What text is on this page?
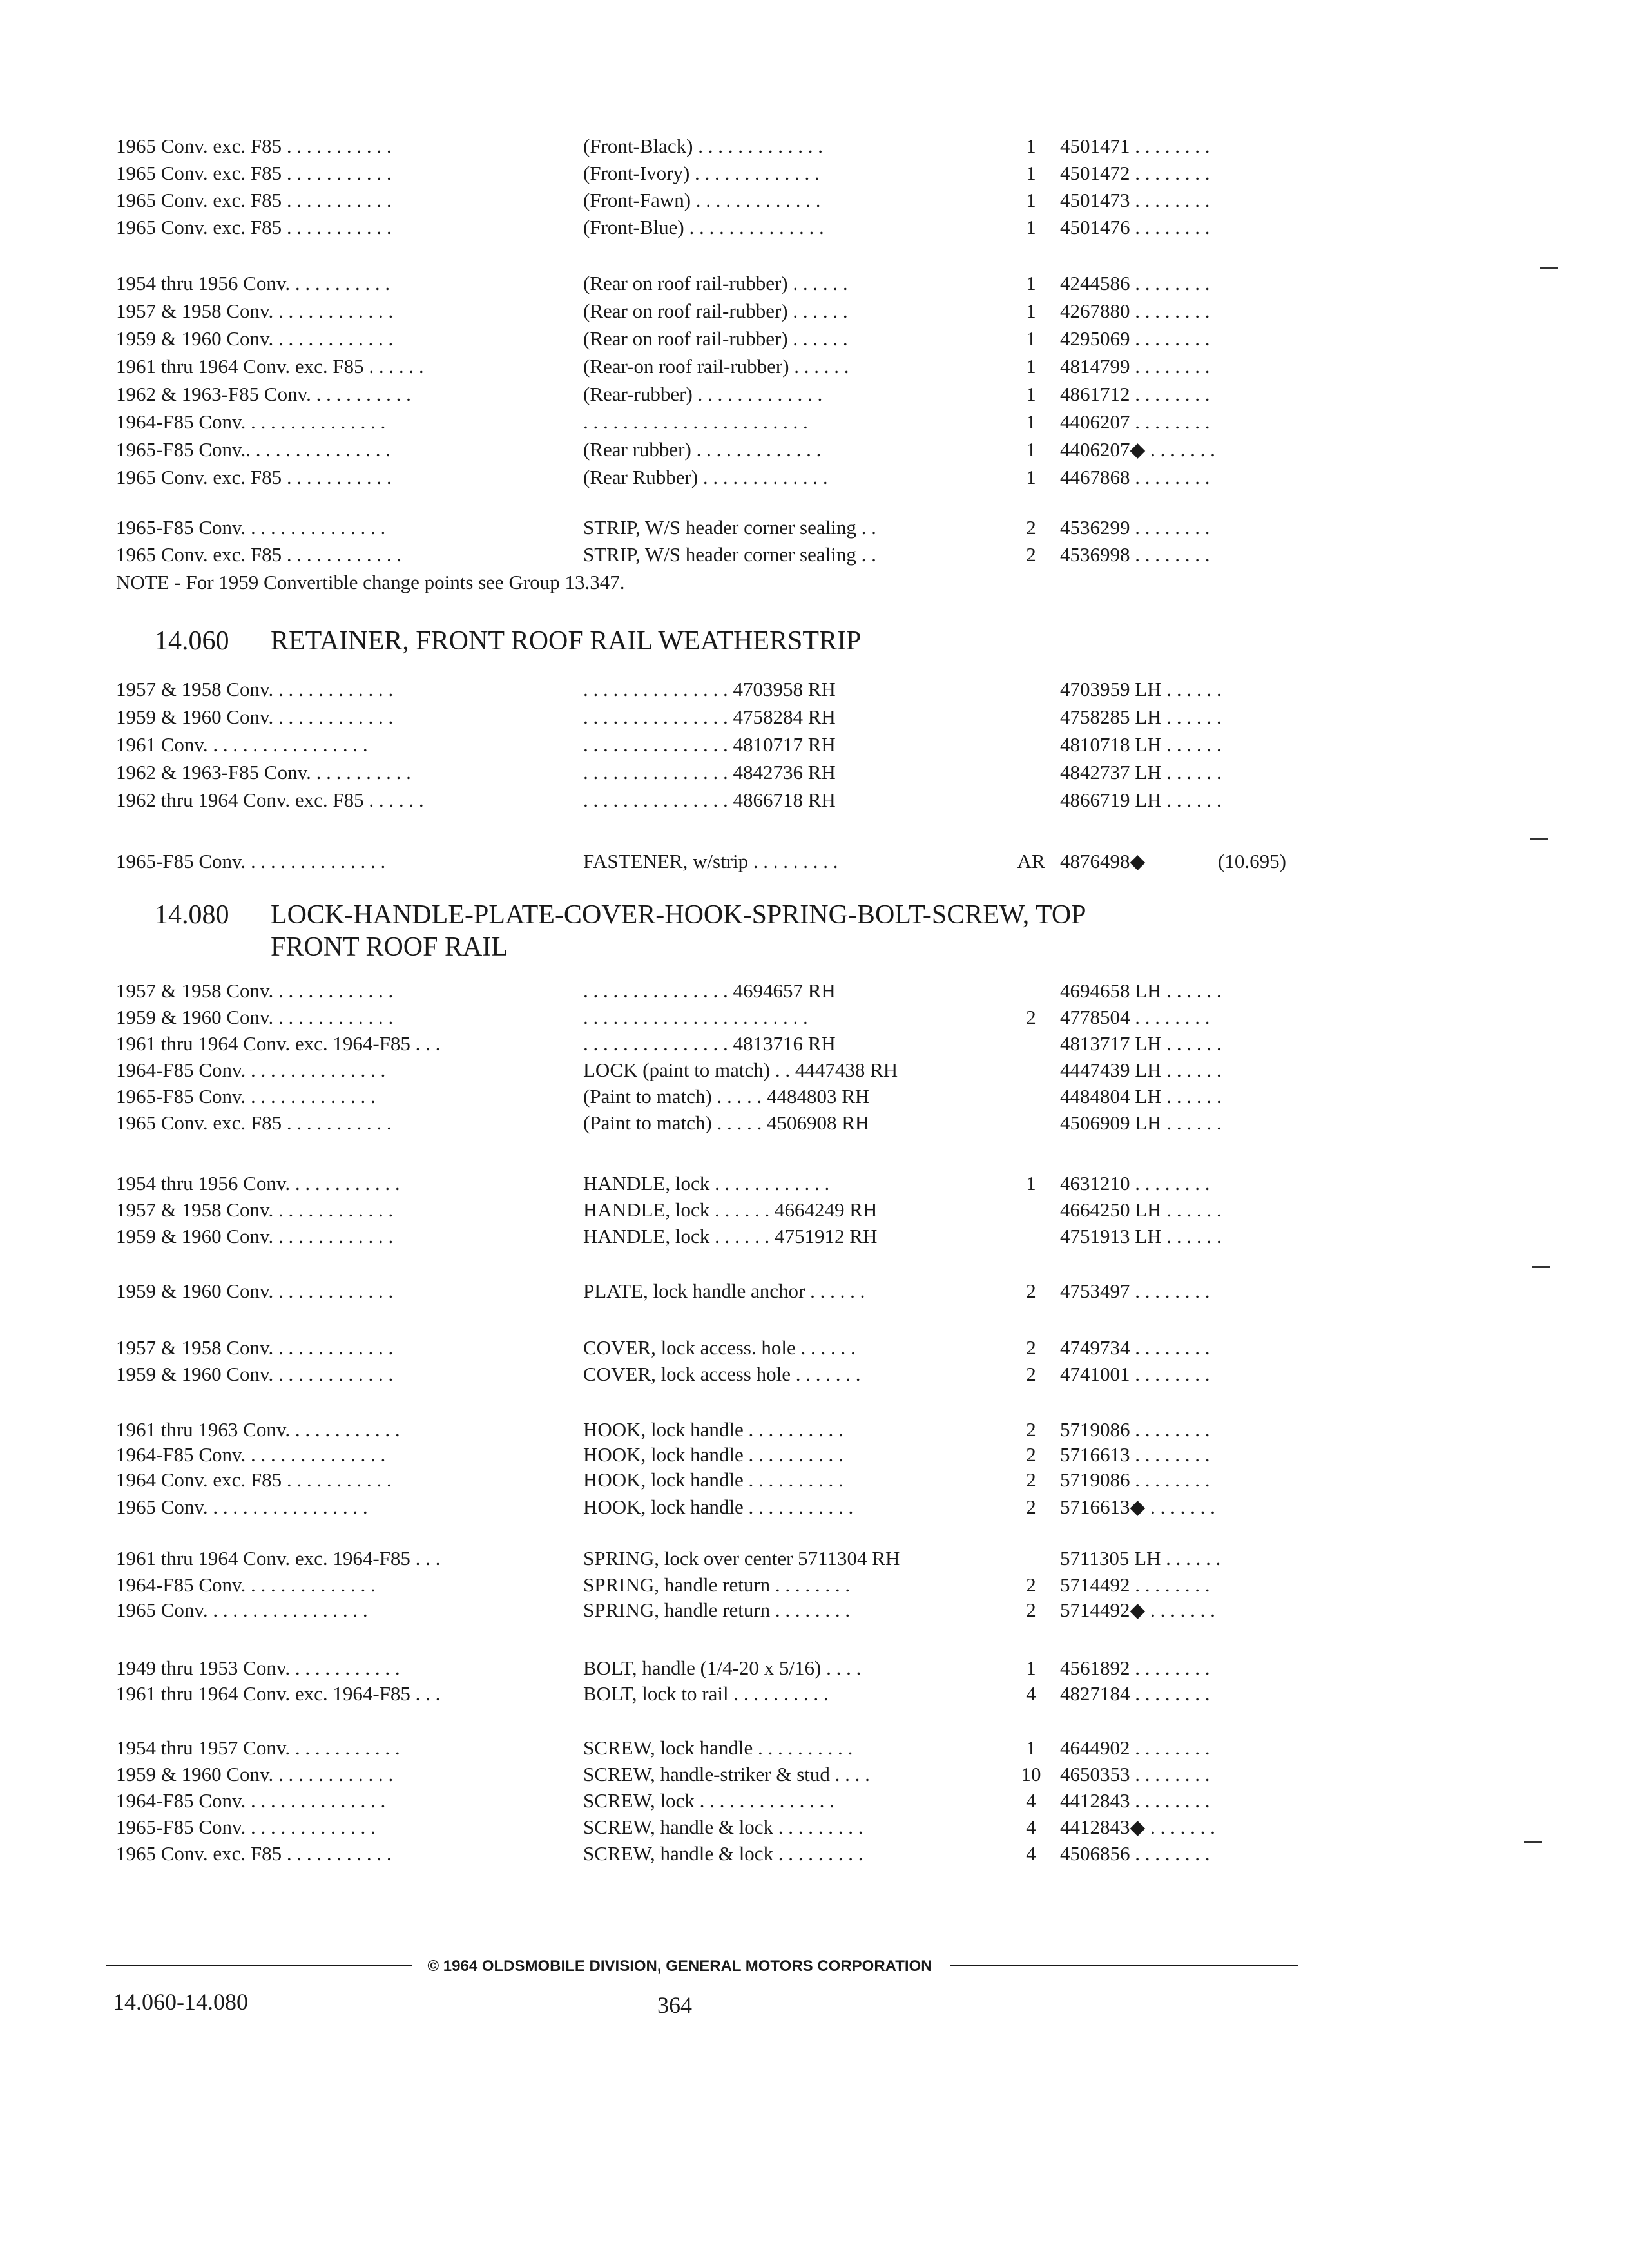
1965 Conv. exc. F85 . . . . . . . . . . .	(Front-Black) . . . . . . . . . . . . .	1	4501471 . . . . . . . .
1965 Conv. exc. F85 . . . . . . . . . . .	(Front-Ivory) . . . . . . . . . . . . .	1	4501472 . . . . . . . .
1965 Conv. exc. F85 . . . . . . . . . . .	(Front-Fawn) . . . . . . . . . . . . .	1	4501473 . . . . . . . .
1965 Conv. exc. F85 . . . . . . . . . . .	(Front-Blue) . . . . . . . . . . . . . .	1	4501476 . . . . . . . .
1954 thru 1956 Conv. . . . . . . . . . .	(Rear on roof rail-rubber) . . . . . .	1	4244586 . . . . . . . .
1957 & 1958 Conv. . . . . . . . . . . . .	(Rear on roof rail-rubber) . . . . . .	1	4267880 . . . . . . . .
1959 & 1960 Conv. . . . . . . . . . . . .	(Rear on roof rail-rubber) . . . . . .	1	4295069 . . . . . . . .
1961 thru 1964 Conv. exc. F85 . . . . . .	(Rear-on roof rail-rubber) . . . . . .	1	4814799 . . . . . . . .
1962 & 1963-F85 Conv. . . . . . . . . . .	(Rear-rubber) . . . . . . . . . . . . .	1	4861712 . . . . . . . .
1964-F85 Conv. . . . . . . . . . . . . . .	. . . . . . . . . . . . . . . . . . . . . . .	1	4406207 . . . . . . . .
1965-F85 Conv.. . . . . . . . . . . . . . .	(Rear rubber) . . . . . . . . . . . . .	1	4406207◆ . . . . . . .
1965 Conv. exc. F85 . . . . . . . . . . .	(Rear Rubber) . . . . . . . . . . . . .	1	4467868 . . . . . . . .
1965-F85 Conv. . . . . . . . . . . . . . .	STRIP, W/S header corner sealing . .	2	4536299 . . . . . . . .
1965 Conv. exc. F85 . . . . . . . . . . . .	STRIP, W/S header corner sealing . .	2	4536998 . . . . . . . .
NOTE - For 1959 Convertible change points see Group 13.347.
14.060 RETAINER, FRONT ROOF RAIL WEATHERSTRIP
1957 & 1958 Conv. . . . . . . . . . . . .	. . . . . . . . . . . . . . . 4703958 RH	4703959 LH . . . . . .
1959 & 1960 Conv. . . . . . . . . . . . .	. . . . . . . . . . . . . . . 4758284 RH	4758285 LH . . . . . .
1961 Conv. . . . . . . . . . . . . . . . .	. . . . . . . . . . . . . . . 4810717 RH	4810718 LH . . . . . .
1962 & 1963-F85 Conv. . . . . . . . . . .	. . . . . . . . . . . . . . . 4842736 RH	4842737 LH . . . . . .
1962 thru 1964 Conv. exc. F85 . . . . . .	. . . . . . . . . . . . . . . 4866718 RH	4866719 LH . . . . . .
1965-F85 Conv. . . . . . . . . . . . . . .	FASTENER, w/strip . . . . . . . . .	AR 4876498◆	(10.695)
14.080 LOCK-HANDLE-PLATE-COVER-HOOK-SPRING-BOLT-SCREW, TOP
FRONT ROOF RAIL
1957 & 1958 Conv. . . . . . . . . . . . .	. . . . . . . . . . . . . . . 4694657 RH	4694658 LH . . . . . .
1959 & 1960 Conv. . . . . . . . . . . . .	. . . . . . . . . . . . . . . . . . . . . . .	2	4778504 . . . . . . . .
1961 thru 1964 Conv. exc. 1964-F85 . . .	. . . . . . . . . . . . . . . 4813716 RH	4813717 LH . . . . . .
1964-F85 Conv. . . . . . . . . . . . . . .	LOCK (paint to match) . . 4447438 RH	4447439 LH . . . . . .
1965-F85 Conv. . . . . . . . . . . . . .	(Paint to match) . . . . . 4484803 RH	4484804 LH . . . . . .
1965 Conv. exc. F85 . . . . . . . . . . .	(Paint to match) . . . . . 4506908 RH	4506909 LH . . . . . .
1954 thru 1956 Conv. . . . . . . . . . . .	HANDLE, lock . . . . . . . . . . . .	1	4631210 . . . . . . . .
1957 & 1958 Conv. . . . . . . . . . . . .	HANDLE, lock . . . . . . 4664249 RH	4664250 LH . . . . . .
1959 & 1960 Conv. . . . . . . . . . . . .	HANDLE, lock . . . . . . 4751912 RH	4751913 LH . . . . . .
1959 & 1960 Conv. . . . . . . . . . . . .	PLATE, lock handle anchor . . . . . .	2	4753497 . . . . . . . .
1957 & 1958 Conv. . . . . . . . . . . . .	COVER, lock access. hole . . . . . .	2	4749734 . . . . . . . .
1959 & 1960 Conv. . . . . . . . . . . . .	COVER, lock access hole . . . . . . .	2	4741001 . . . . . . . .
1961 thru 1963 Conv. . . . . . . . . . . .	HOOK, lock handle . . . . . . . . . .	2	5719086 . . . . . . . .
1964-F85 Conv. . . . . . . . . . . . . . .	HOOK, lock handle . . . . . . . . . .	2	5716613 . . . . . . . .
1964 Conv. exc. F85 . . . . . . . . . . .	HOOK, lock handle . . . . . . . . . .	2	5719086 . . . . . . . .
1965 Conv. . . . . . . . . . . . . . . . .	HOOK, lock handle . . . . . . . . . . .	2	5716613◆ . . . . . . .
1961 thru 1964 Conv. exc. 1964-F85 . . .	SPRING, lock over center 5711304 RH	5711305 LH . . . . . .
1964-F85 Conv. . . . . . . . . . . . . .	SPRING, handle return . . . . . . . .	2	5714492 . . . . . . . .
1965 Conv. . . . . . . . . . . . . . . . .	SPRING, handle return . . . . . . . .	2	5714492◆ . . . . . . .
1949 thru 1953 Conv. . . . . . . . . . . .	BOLT, handle (1/4-20 x 5/16) . . . .	1	4561892 . . . . . . . .
1961 thru 1964 Conv. exc. 1964-F85 . . .	BOLT, lock to rail . . . . . . . . . .	4	4827184 . . . . . . . .
1954 thru 1957 Conv. . . . . . . . . . . .	SCREW, lock handle . . . . . . . . . .	1	4644902 . . . . . . . .
1959 & 1960 Conv. . . . . . . . . . . . .	SCREW, handle-striker & stud . . . .	10 4650353 . . . . . . . .
1964-F85 Conv. . . . . . . . . . . . . . .	SCREW, lock . . . . . . . . . . . . . .	4	4412843 . . . . . . . .
1965-F85 Conv. . . . . . . . . . . . . .	SCREW, handle & lock . . . . . . . . .	4	4412843◆ . . . . . . .
1965 Conv. exc. F85 . . . . . . . . . . .	SCREW, handle & lock . . . . . . . . .	4	4506856 . . . . . . . .
© 1964 OLDSMOBILE DIVISION, GENERAL MOTORS CORPORATION
14.060-14.080	364
